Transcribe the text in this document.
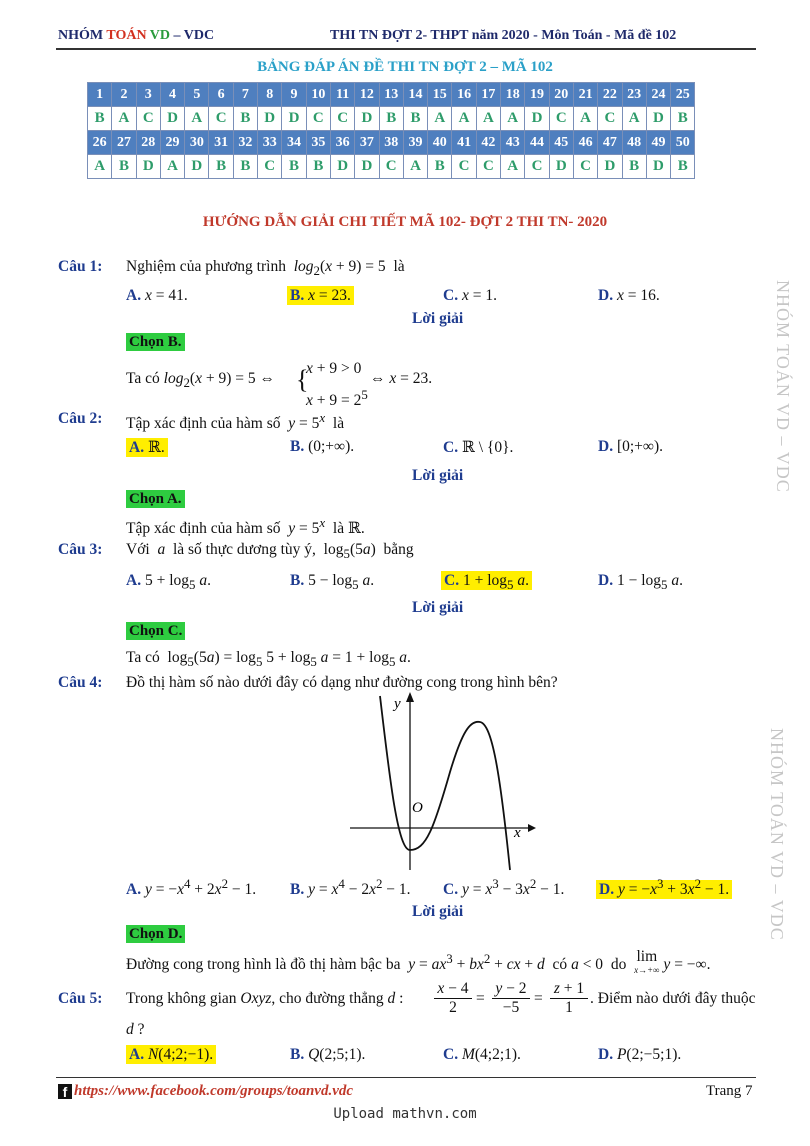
NHÓM TOÁN VD – VDC	THI TN ĐỢT 2- THPT năm 2020 - Môn Toán - Mã đề 102
BẢNG ĐÁP ÁN ĐỀ THI TN ĐỢT 2 – MÃ 102
1	2	3	4	5	6	7	8	9	10	11	12	13	14	15	16	17	18	19	20	21	22	23	24	25
B	A	C	D	A	C	B	D	D	C	C	D	B	B	A	A	A	A	D	C	A	C	A	D	B
26	27	28	29	30	31	32	33	34	35	36	37	38	39	40	41	42	43	44	45	46	47	48	49	50
A	B	D	A	D	B	B	C	B	B	D	D	C	A	B	C	C	A	C	D	C	D	B	D	B
HƯỚNG DẪN GIẢI CHI TIẾT MÃ 102- ĐỢT 2 THI TN- 2020
Câu 1: Nghiệm của phương trình $\log_2(x + 9) = 5$  là
A. x = 41.	B. x = 23.	C. x = 1.	D. x = 16.
Lời giải
Chọn B.
Ta có $\log_2(x + 9) = 5$ ⇔ {
x + 9 > 0
$x + 9 = 2^5$
⇔ x = 23.
Câu 2: Tập xác định của hàm số $y = 5^x$ là
A. ℝ.	B. (0;+∞).	C. ℝ \ {0}.	D. [0;+∞).
Lời giải
Chọn A.
Tập xác định của hàm số $y = 5^x$ là ℝ.
Câu 3: Với a là số thực dương tùy ý,  $\log_5(5a)$  bằng
A. $5 + \log_5 a$.	B. $5 - \log_5 a$.	C. $1 + \log_5 a$.	D. $1 - \log_5 a$.
Lời giải
Chọn C.
Ta có  $\log_5(5a) = \log_5 5 + \log_5 a = 1 + \log_5 a$.
Câu 4: Đồ thị hàm số nào dưới đây có dạng như đường cong trong hình bên?
y
x
O
A. $y = -x^4 + 2x^2 - 1$. B. $y = x^4 - 2x^2 - 1$. C. $y = x^3 - 3x^2 - 1$. D. $y = -x^3 + 3x^2 - 1$.
Lời giải
Chọn D.
Đường cong trong hình là đồ thị hàm bậc ba $y = ax^3 + bx^2$ + cx + d có a < 0  do lim
x→+∞ y = −∞.
Câu 5: Trong không gian Oxyz, cho đường thẳng d :
x − 4
2
=
y − 2
−5
=
z + 1
1
. Điểm nào dưới đây thuộc
d ?
A. N(4;2;−1).	B. Q(2;5;1).	C. M(4;2;1).	D. P(2;−5;1).
NHÓM TOÁN VD – VDC
NHÓM TOÁN VD – VDC
f https://www.facebook.com/groups/toanvd.vdc	Trang 7
Upload mathvn.com
